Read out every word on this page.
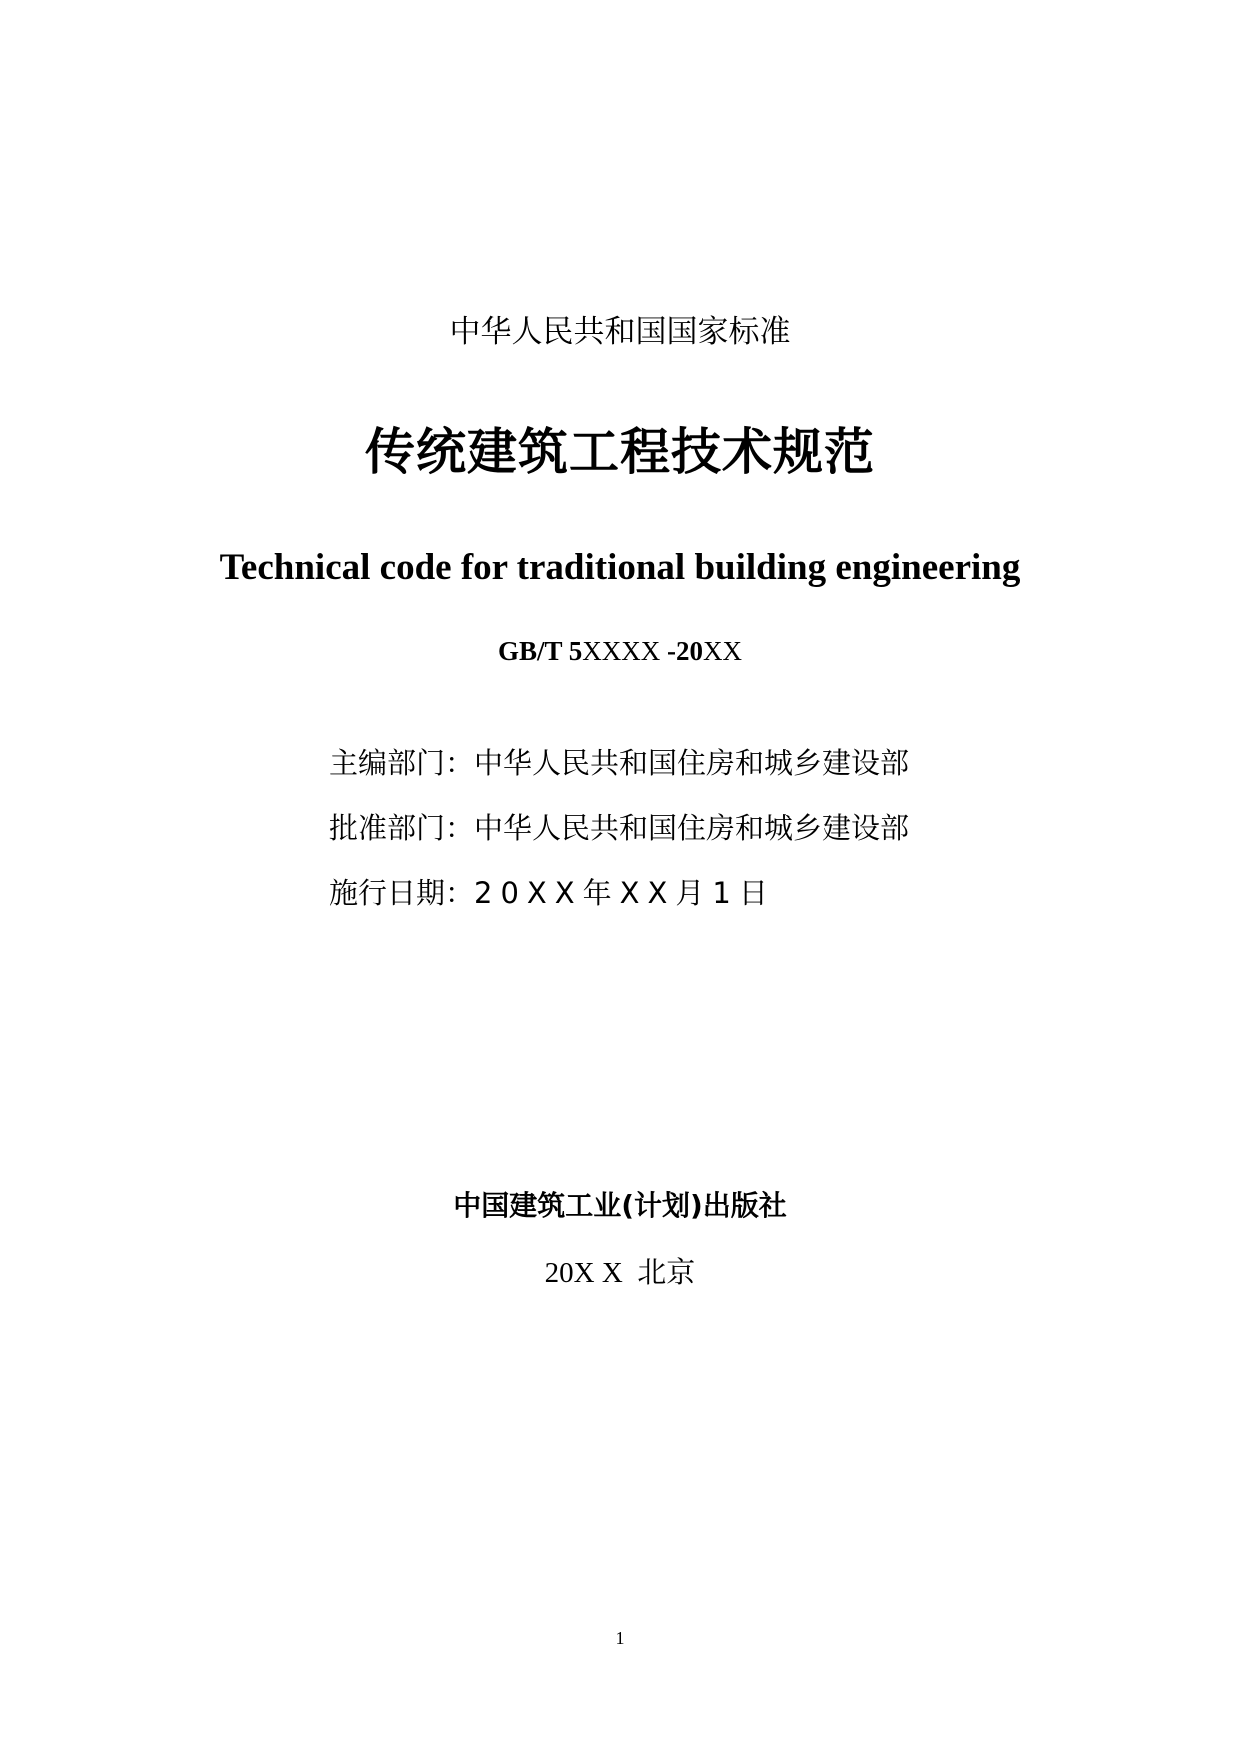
中华人民共和国国家标准
传统建筑工程技术规范
Technical code for traditional building engineering
GB/T 5XXXX -20XX
主编部门：中华人民共和国住房和城乡建设部
批准部门：中华人民共和国住房和城乡建设部
施行日期：20XX年XX月1日
中国建筑工业(计划)出版社
20X X  北京
1
